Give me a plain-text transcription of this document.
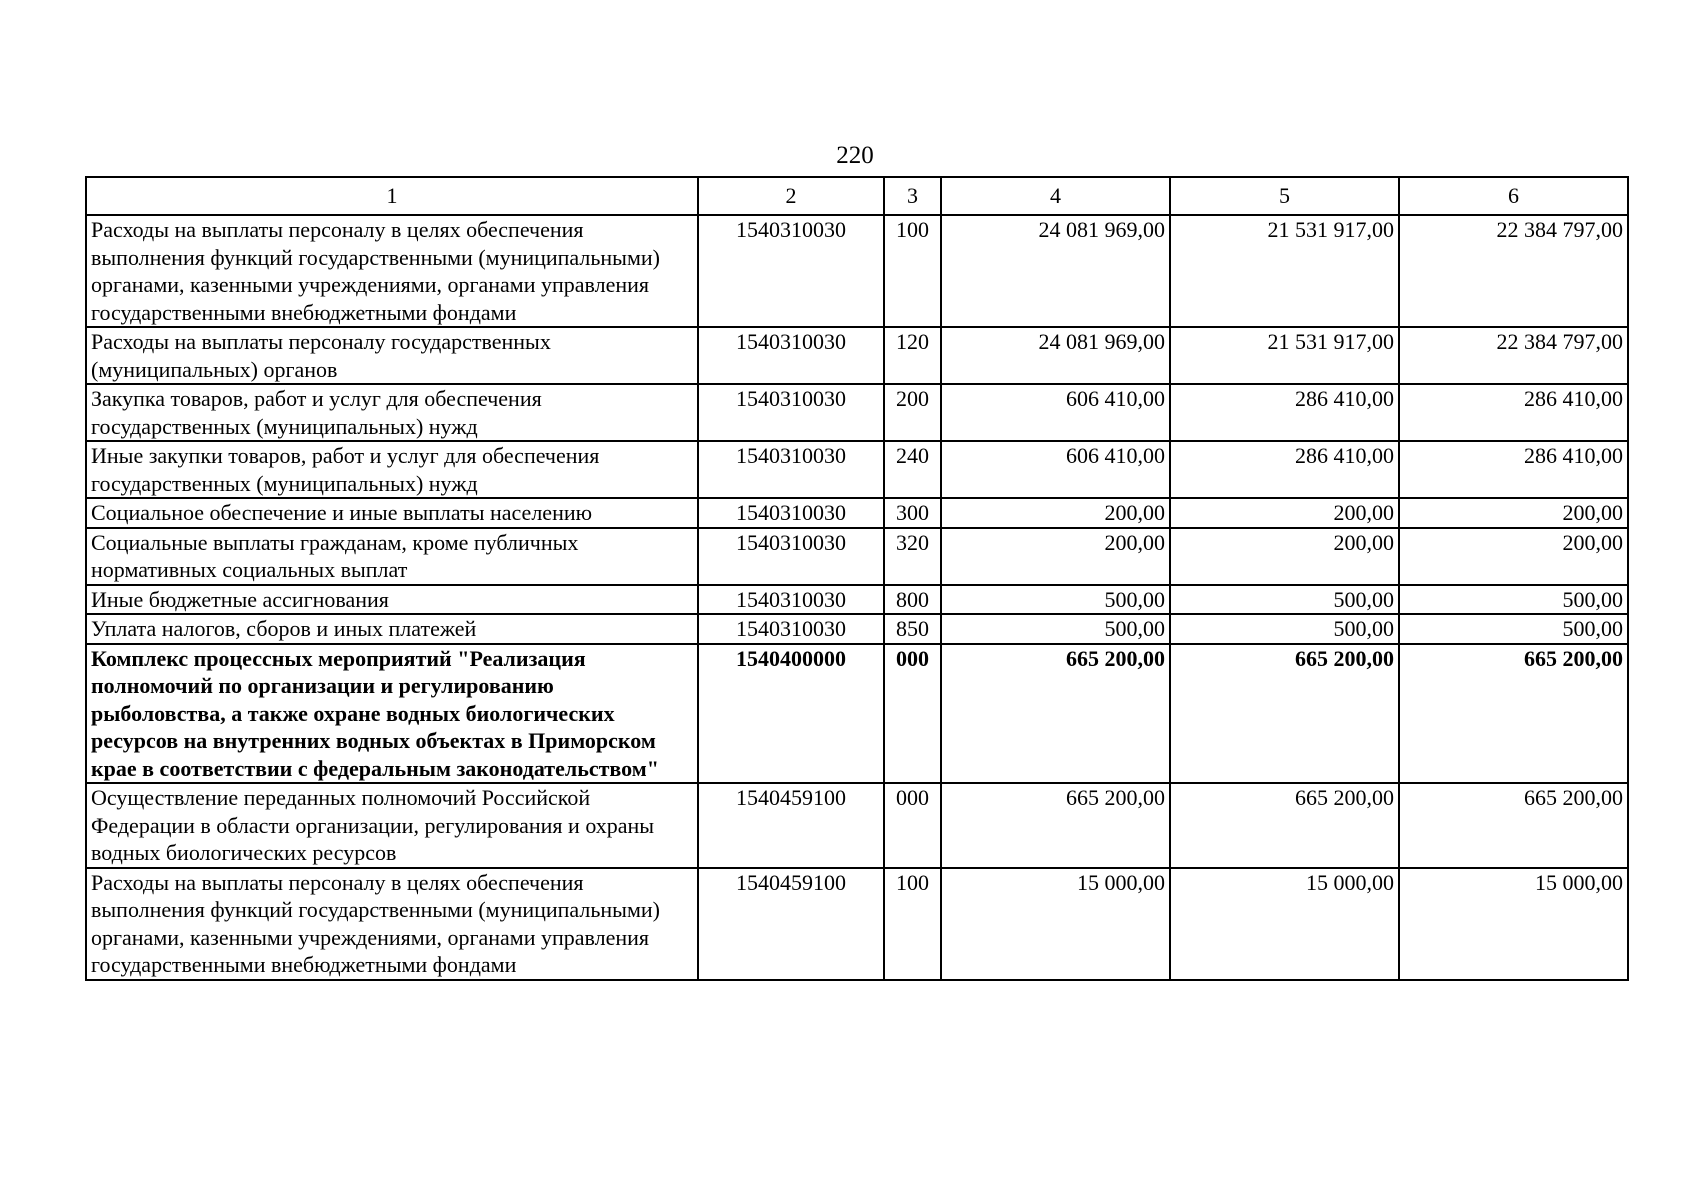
220
1	2	3	4	5	6
Расходы на выплаты персоналу в целях обеспечения выполнения функций государственными (муниципальными) органами, казенными учреждениями, органами управления государственными внебюджетными фондами	1540310030	100	24 081 969,00	21 531 917,00	22 384 797,00
Расходы на выплаты персоналу государственных (муниципальных) органов	1540310030	120	24 081 969,00	21 531 917,00	22 384 797,00
Закупка товаров, работ и услуг для обеспечения государственных (муниципальных) нужд	1540310030	200	606 410,00	286 410,00	286 410,00
Иные закупки товаров, работ и услуг для обеспечения государственных (муниципальных) нужд	1540310030	240	606 410,00	286 410,00	286 410,00
Социальное обеспечение и иные выплаты населению	1540310030	300	200,00	200,00	200,00
Социальные выплаты гражданам, кроме публичных нормативных социальных выплат	1540310030	320	200,00	200,00	200,00
Иные бюджетные ассигнования	1540310030	800	500,00	500,00	500,00
Уплата налогов, сборов и иных платежей	1540310030	850	500,00	500,00	500,00
Комплекс процессных мероприятий "Реализация полномочий по организации и регулированию рыболовства, а также охране водных биологических ресурсов на внутренних водных объектах в Приморском крае в соответствии с федеральным законодательством"	1540400000	000	665 200,00	665 200,00	665 200,00
Осуществление переданных полномочий Российской Федерации в области организации, регулирования и охраны водных биологических ресурсов	1540459100	000	665 200,00	665 200,00	665 200,00
Расходы на выплаты персоналу в целях обеспечения выполнения функций государственными (муниципальными) органами, казенными учреждениями, органами управления государственными внебюджетными фондами	1540459100	100	15 000,00	15 000,00	15 000,00
